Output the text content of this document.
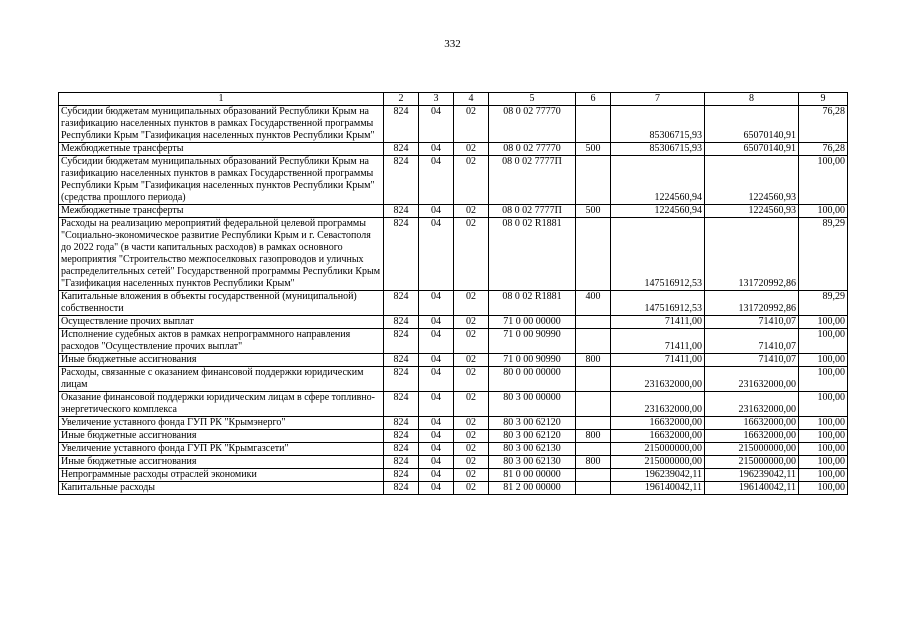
332
1	2	3	4	5	6	7	8	9
Субсидии бюджетам муниципальных образований Республики Крым на газификацию населенных пунктов в рамках Государственной программы Республики Крым "Газификация населенных пунктов Республики Крым"	824	04	02	08 0 02 77770		85306715,93	65070140,91	76,28
Межбюджетные трансферты	824	04	02	08 0 02 77770	500	85306715,93	65070140,91	76,28
Субсидии бюджетам муниципальных образований Республики Крым на газификацию населенных пунктов в рамках Государственной программы Республики Крым "Газификация населенных пунктов Республики Крым" (средства прошлого периода)	824	04	02	08 0 02 7777П		1224560,94	1224560,93	100,00
Межбюджетные трансферты	824	04	02	08 0 02 7777П	500	1224560,94	1224560,93	100,00
Расходы на реализацию мероприятий федеральной целевой программы "Социально-экономическое развитие Республики Крым и г. Севастополя до 2022 года" (в части капитальных расходов) в рамках основного мероприятия "Строительство межпоселковых газопроводов и уличных распределительных сетей" Государственной программы Республики Крым "Газификация населенных пунктов Республики Крым"	824	04	02	08 0 02 R1881		147516912,53	131720992,86	89,29
Капитальные вложения в объекты государственной (муниципальной) собственности	824	04	02	08 0 02 R1881	400	147516912,53	131720992,86	89,29
Осуществление прочих выплат	824	04	02	71 0 00 00000		71411,00	71410,07	100,00
Исполнение судебных актов в рамках непрограммного направления расходов "Осуществление прочих выплат"	824	04	02	71 0 00 90990		71411,00	71410,07	100,00
Иные бюджетные ассигнования	824	04	02	71 0 00 90990	800	71411,00	71410,07	100,00
Расходы, связанные с оказанием финансовой поддержки юридическим лицам	824	04	02	80 0 00 00000		231632000,00	231632000,00	100,00
Оказание финансовой поддержки юридическим лицам в сфере топливно-энергетического комплекса	824	04	02	80 3 00 00000		231632000,00	231632000,00	100,00
Увеличение уставного фонда ГУП РК "Крымэнерго"	824	04	02	80 3 00 62120		16632000,00	16632000,00	100,00
Иные бюджетные ассигнования	824	04	02	80 3 00 62120	800	16632000,00	16632000,00	100,00
Увеличение уставного фонда ГУП РК "Крымгазсети"	824	04	02	80 3 00 62130		215000000,00	215000000,00	100,00
Иные бюджетные ассигнования	824	04	02	80 3 00 62130	800	215000000,00	215000000,00	100,00
Непрограммные расходы отраслей экономики	824	04	02	81 0 00 00000		196239042,11	196239042,11	100,00
Капитальные расходы	824	04	02	81 2 00 00000		196140042,11	196140042,11	100,00
